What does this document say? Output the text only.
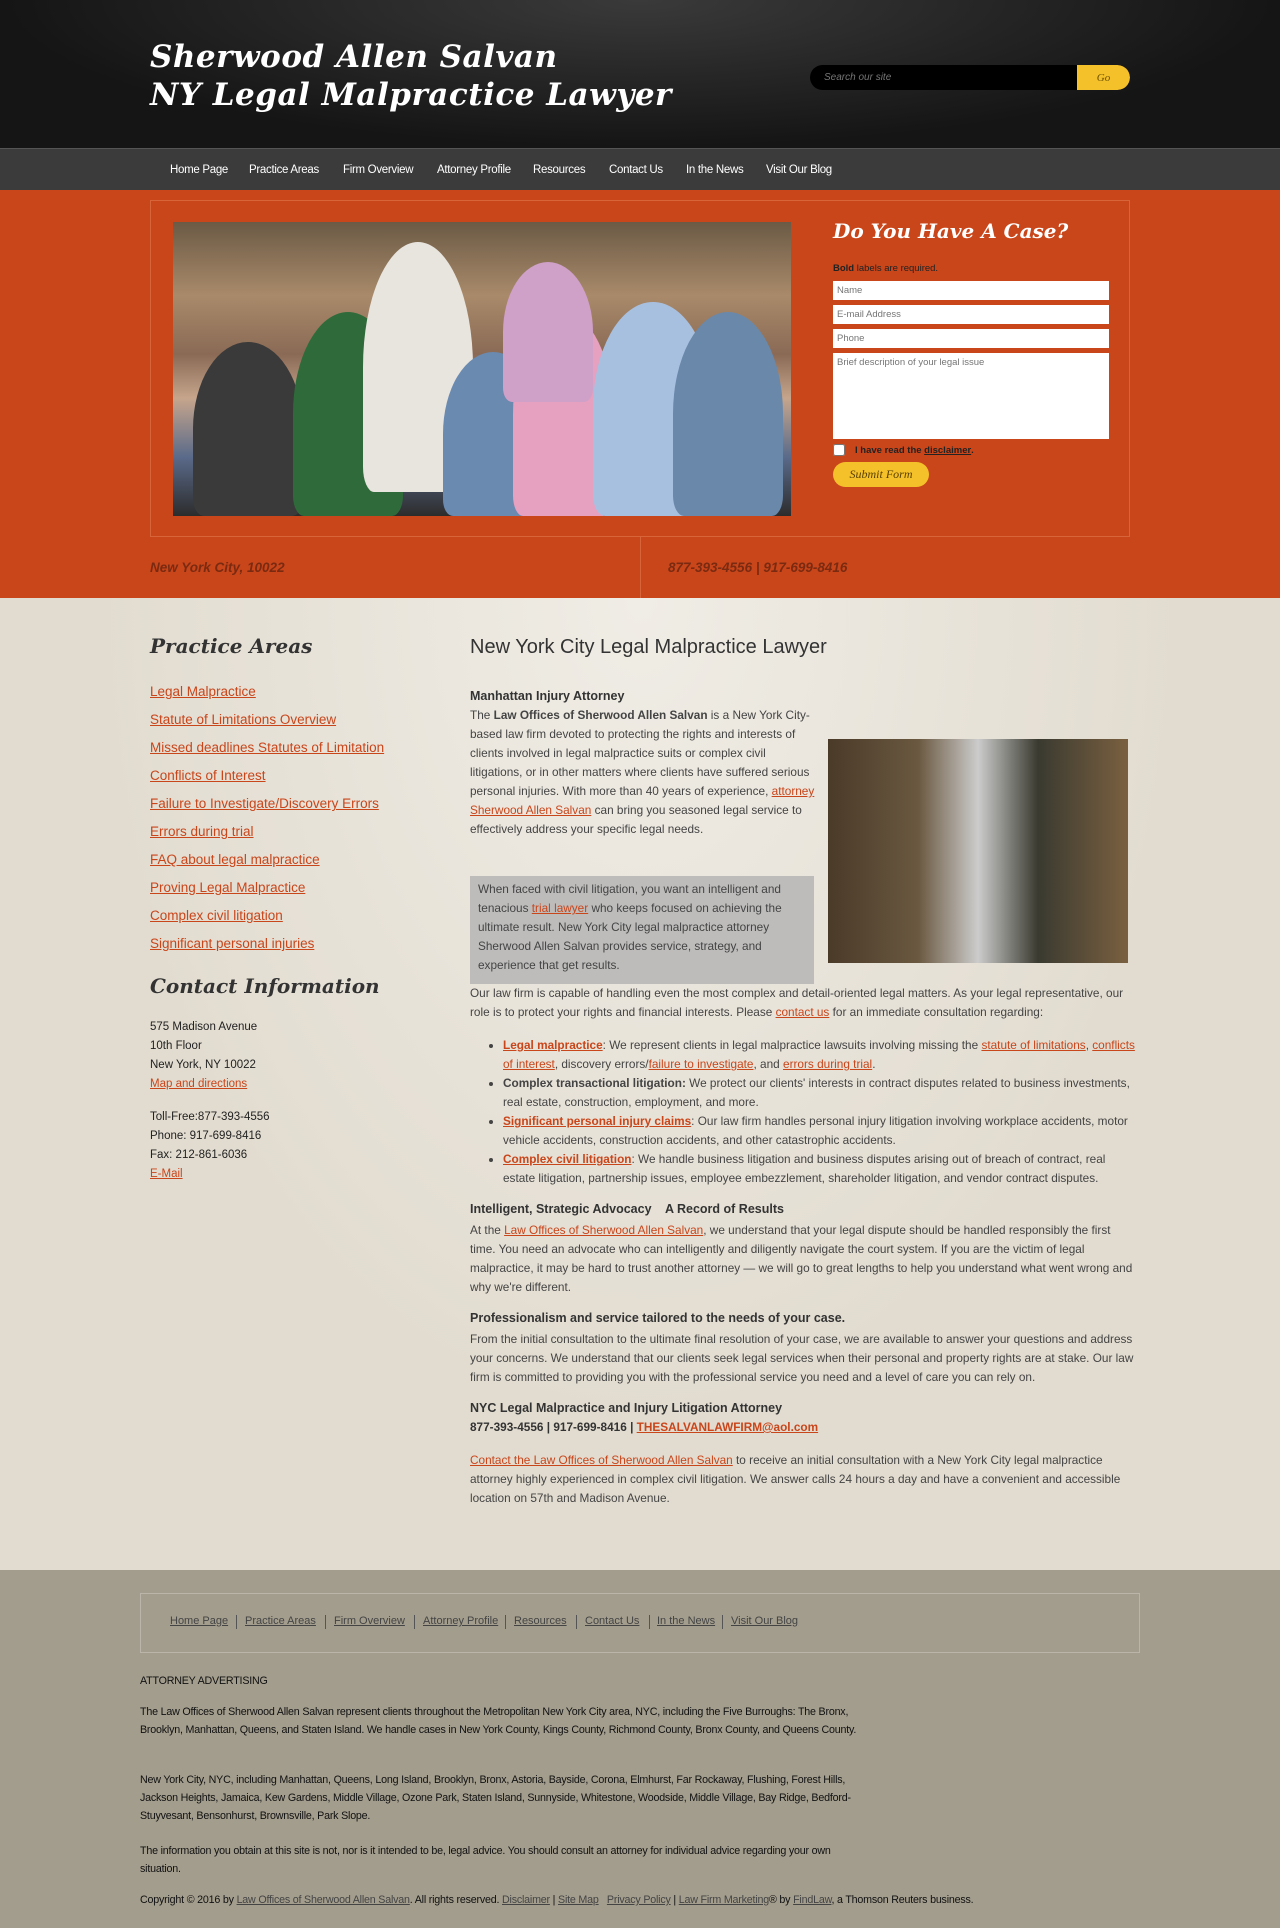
Sherwood Allen Salvan
NY Legal Malpractice Lawyer
Search our site	Go
Home Page Practice Areas Firm Overview Attorney Profile Resources Contact Us In the News Visit Our Blog
Do You Have A Case?
Bold labels are required.
Name
E-mail Address
Phone
Brief description of your legal issue
I have read the
disclaimer .
Submit Form
New York City, 10022	877-393-4556 | 917-699-8416
Practice Areas
Legal Malpractice
Statute of Limitations Overview
Missed deadlines Statutes of Limitation
Conflicts of Interest
Failure to Investigate/Discovery Errors
Errors during trial
FAQ about legal malpractice
Proving Legal Malpractice
Complex civil litigation
Significant personal injuries
Contact Information
575 Madison Avenue
10th Floor
New York, NY 10022
Map and directions
Toll-Free:877-393-4556
Phone: 917-699-8416
Fax: 212-861-6036
E-Mail
New York City Legal Malpractice Lawyer
Manhattan Injury Attorney

The Law Offices of Sherwood Allen Salvan is a New York City-based law firm devoted to protecting the rights and interests of clients involved in legal malpractice suits or complex civil litigations, or in other matters where clients have suffered serious personal injuries. With more than 40 years of experience, attorney Sherwood Allen Salvan can bring you seasoned legal service to effectively address your specific legal needs.

When faced with civil litigation, you want an intelligent and tenacious trial lawyer who keeps focused on achieving the ultimate result. New York City legal malpractice attorney Sherwood Allen Salvan provides service, strategy, and experience that get results.

Our law firm is capable of handling even the most complex and detail-oriented legal matters. As your legal representative, our role is to protect your rights and financial interests. Please contact us for an immediate consultation regarding:

• Legal malpractice: We represent clients in legal malpractice lawsuits involving missing the statute of limitations, conflicts of interest, discovery errors/failure to investigate, and errors during trial.
• Complex transactional litigation: We protect our clients' interests in contract disputes related to business investments, real estate, construction, employment, and more.
• Significant personal injury claims: Our law firm handles personal injury litigation involving workplace accidents, motor vehicle accidents, construction accidents, and other catastrophic accidents.
• Complex civil litigation: We handle business litigation and business disputes arising out of breach of contract, real estate litigation, partnership issues, employee embezzlement, shareholder litigation, and vendor contract disputes.
Intelligent, Strategic Advocacy    A Record of Results

At the Law Offices of Sherwood Allen Salvan, we understand that your legal dispute should be handled responsibly the first time. You need an advocate who can intelligently and diligently navigate the court system. If you are the victim of legal malpractice, it may be hard to trust another attorney — we will go to great lengths to help you understand what went wrong and why we're different.

Professionalism and service tailored to the needs of your case.

From the initial consultation to the ultimate final resolution of your case, we are available to answer your questions and address your concerns. We understand that our clients seek legal services when their personal and property rights are at stake. Our law firm is committed to providing you with the professional service you need and a level of care you can rely on.

NYC Legal Malpractice and Injury Litigation Attorney

877-393-4556 | 917-699-8416 | THESALVANLAWFIRM@aol.com

Contact the Law Offices of Sherwood Allen Salvan to receive an initial consultation with a New York City legal malpractice attorney highly experienced in complex civil litigation. We answer calls 24 hours a day and have a convenient and accessible location on 57th and Madison Avenue.

Home Page Practice Areas Firm Overview Attorney Profile Resources Contact Us In the News Visit Our Blog
ATTORNEY ADVERTISING
The Law Offices of Sherwood Allen Salvan represent clients throughout the Metropolitan New York City area, NYC, including the Five Burroughs: The Bronx, Brooklyn, Manhattan, Queens, and Staten Island. We handle cases in New York County, Kings County, Richmond County, Bronx County, and Queens County.
New York City, NYC, including Manhattan, Queens, Long Island, Brooklyn, Bronx, Astoria, Bayside, Corona, Elmhurst, Far Rockaway, Flushing, Forest Hills, Jackson Heights, Jamaica, Kew Gardens, Middle Village, Ozone Park, Staten Island, Sunnyside, Whitestone, Woodside, Middle Village, Bay Ridge, Bedford-Stuyvesant, Bensonhurst, Brownsville, Park Slope.
The information you obtain at this site is not, nor is it intended to be, legal advice. You should consult an attorney for individual advice regarding your own situation.
Copyright © 2016 by Law Offices of Sherwood Allen Salvan. All rights reserved. Disclaimer | Site Map Privacy Policy | Law Firm Marketing® by FindLaw, a Thomson Reuters business.
